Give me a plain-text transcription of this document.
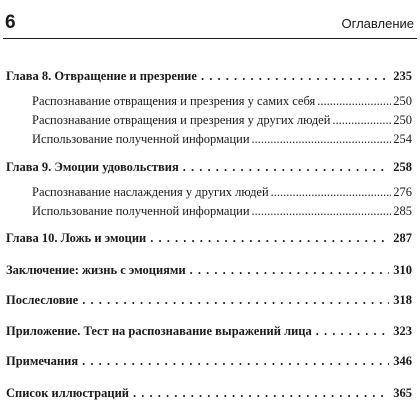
6	Оглавление
Глава 8. Отвращение и презрение . . .	235
Распознавание отвращения и презрения у самих себя .....	250
Распознавание отвращения и презрения у других людей .....	250
Использование полученной информации .....	254
Глава 9. Эмоции удовольствия . . .	258
Распознавание наслаждения у других людей .....	276
Использование полученной информации .....	285
Глава 10. Ложь и эмоции . . .	287
Заключение: жизнь с эмоциями . . .	310
Послесловие . . .	318
Приложение. Тест на распознавание выражений лица . . .	323
Примечания . . .	346
Список иллюстраций . . .	365
